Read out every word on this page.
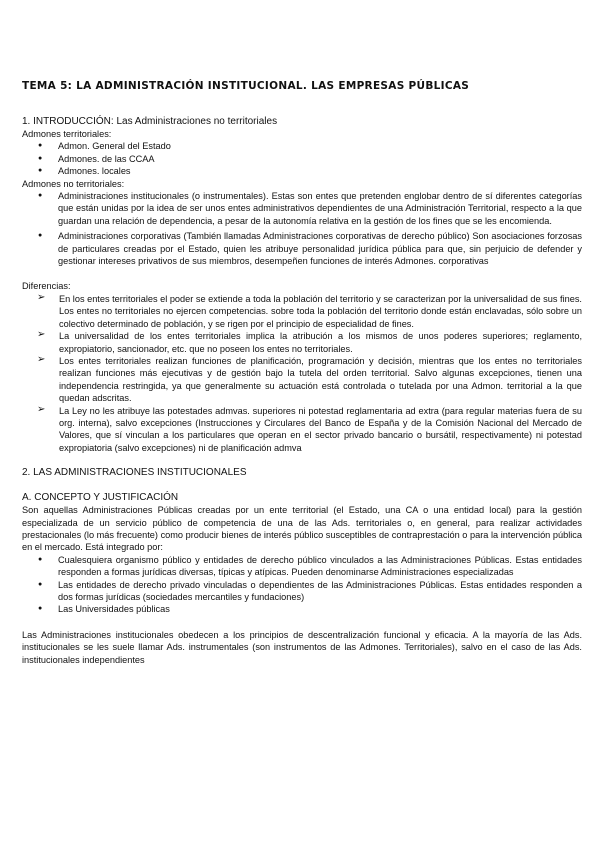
TEMA 5: LA ADMINISTRACIÓN INSTITUCIONAL. LAS EMPRESAS PÚBLICAS

1. INTRODUCCIÓN: Las Administraciones no territoriales

Admones territoriales:

● Admon. General del Estado
● Admones. de las CCAA
● Admones. locales

Admones no territoriales:

● Administraciones institucionales (o instrumentales). Estas son entes que pretenden englobar dentro de sí diferentes categorías que están unidas por la idea de ser unos entes administrativos dependientes de una Administración Territorial, respecto a la que guardan una relación de dependencia, a pesar de la autonomía relativa en la gestión de los fines que se les encomienda.
● Administraciones corporativas (También llamadas Administraciones corporativas de derecho público) Son asociaciones forzosas de particulares creadas por el Estado, quien les atribuye personalidad jurídica pública para que, sin perjuicio de defender y gestionar intereses privativos de sus miembros, desempeñen funciones de interés Admones. corporativas

Diferencias:

➢ En los entes territoriales el poder se extiende a toda la población del territorio y se caracterizan por la universalidad de sus fines. Los entes no territoriales no ejercen competencias. sobre toda la población del territorio donde están enclavadas, sólo sobre un colectivo determinado de población, y se rigen por el principio de especialidad de fines.
➢ La universalidad de los entes territoriales implica la atribución a los mismos de unos poderes superiores; reglamento, expropiatorio, sancionador, etc. que no poseen los entes no territoriales.
➢ Los entes territoriales realizan funciones de planificación, programación y decisión, mientras que los entes no territoriales realizan funciones más ejecutivas y de gestión bajo la tutela del orden territorial. Salvo algunas excepciones, tienen una independencia restringida, ya que generalmente su actuación está controlada o tutelada por una Admon. territorial a la que quedan adscritas.
➢ La Ley no les atribuye las potestades admvas. superiores ni potestad reglamentaria ad extra (para regular materias fuera de su org. interna), salvo excepciones (Instrucciones y Circulares del Banco de España y de la Comisión Nacional del Mercado de Valores, que sí vinculan a los particulares que operan en el sector privado bancario o bursátil, respectivamente) ni potestad expropiatoria (salvo excepciones) ni de planificación admva

2. LAS ADMINISTRACIONES INSTITUCIONALES

A. CONCEPTO Y JUSTIFICACIÓN

Son aquellas Administraciones Públicas creadas por un ente territorial (el Estado, una CA o una entidad local) para la gestión especializada de un servicio público de competencia de una de las Ads. territoriales o, en general, para realizar actividades prestacionales (lo más frecuente) como producir bienes de interés público susceptibles de contraprestación o para la intervención pública en el mercado. Está integrado por:

● Cualesquiera organismo público y entidades de derecho público vinculados a las Administraciones Públicas. Estas entidades responden a formas jurídicas diversas, típicas y atípicas. Pueden denominarse Administraciones especializadas
● Las entidades de derecho privado vinculadas o dependientes de las Administraciones Públicas. Estas entidades responden a dos formas jurídicas (sociedades mercantiles y fundaciones)
● Las Universidades públicas

Las Administraciones institucionales obedecen a los principios de descentralización funcional y eficacia. A la mayoría de las Ads. institucionales se les suele llamar Ads. instrumentales (son instrumentos de las Admones. Territoriales), salvo en el caso de las Ads. institucionales independientes
